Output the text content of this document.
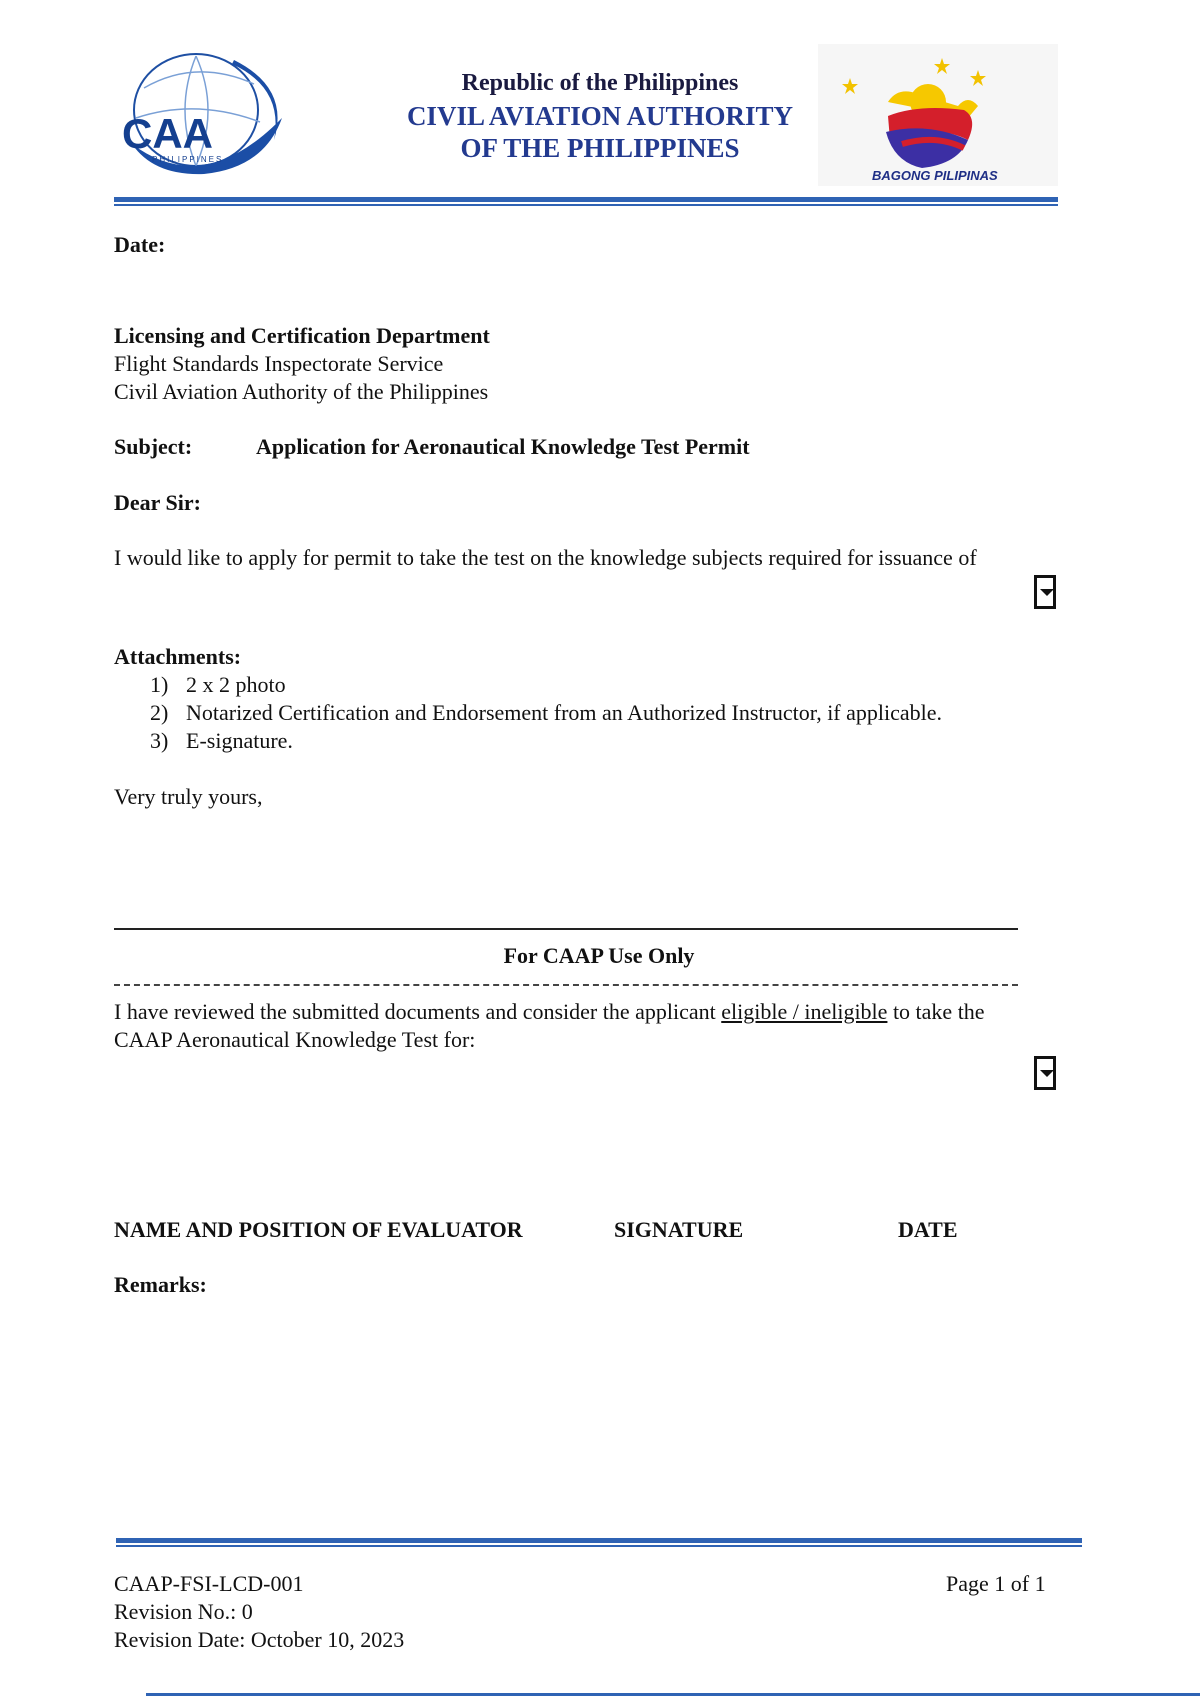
CAA
PHILIPPINES
Republic of the Philippines
CIVIL AVIATION AUTHORITY
OF THE PHILIPPINES
BAGONG PILIPINAS
Date:
Licensing and Certification Department
Flight Standards Inspectorate Service
Civil Aviation Authority of the Philippines
Subject:	Application for Aeronautical Knowledge Test Permit
Dear Sir:
I would like to apply for permit to take the test on the knowledge subjects required for issuance of
Attachments:
1) 2 x 2 photo
2) Notarized Certification and Endorsement from an Authorized Instructor, if applicable.
3) E-signature.
Very truly yours,
For CAAP Use Only
I have reviewed the submitted documents and consider the applicant eligible / ineligible to take the
CAAP Aeronautical Knowledge Test for:
NAME AND POSITION OF EVALUATOR	SIGNATURE	DATE
Remarks:
CAAP-FSI-LCD-001
Revision No.: 0
Revision Date: October 10, 2023
Page 1 of 1
